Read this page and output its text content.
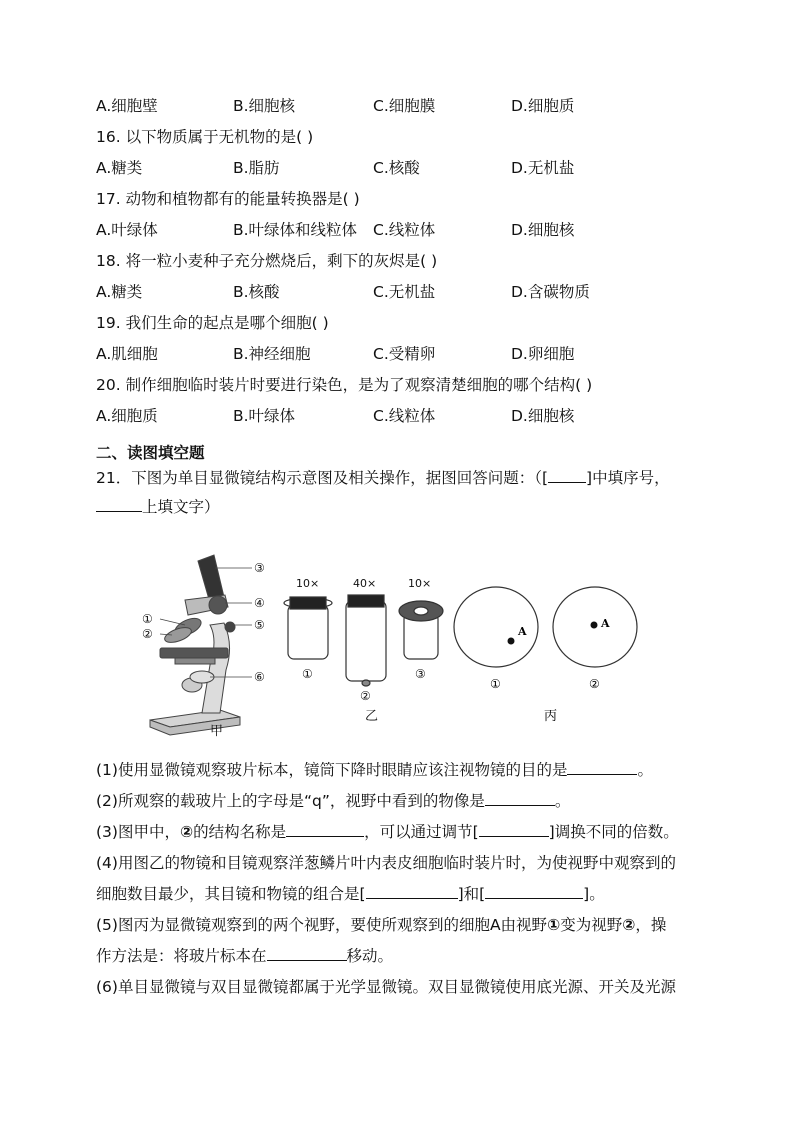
A.细胞壁	B.细胞核	C.细胞膜	D.细胞质
16. 以下物质属于无机物的是( )
A.糖类	B.脂肪	C.核酸	D.无机盐
17. 动物和植物都有的能量转换器是( )
A.叶绿体	B.叶绿体和线粒体 C.线粒体	D.细胞核
18. 将一粒小麦种子充分燃烧后，剩下的灰烬是( )
A.糖类	B.核酸	C.无机盐	D.含碳物质
19. 我们生命的起点是哪个细胞( )
A.肌细胞	B.神经细胞	C.受精卵	D.卵细胞
20. 制作细胞临时装片时要进行染色，是为了观察清楚细胞的哪个结构( )
A.细胞质	B.叶绿体	C.线粒体	D.细胞核
二、读图填空题
21．下图为单目显微镜结构示意图及相关操作，据图回答问题：（[ ]中填序号，
上填文字）
③
④
⑤
①
②
⑥
甲
10×	40×	10×
①
②
③
乙
A
①
A
②
丙
(1)使用显微镜观察玻片标本，镜筒下降时眼睛应该注视物镜的目的是	。
(2)所观察的载玻片上的字母是“q”，视野中看到的物像是	。
(3)图甲中，②的结构名称是	，可以通过调节[	]调换不同的倍数。
(4)用图乙的物镜和目镜观察洋葱鳞片叶内表皮细胞临时装片时，为使视野中观察到的
细胞数目最少，其目镜和物镜的组合是[	]和[	]。
(5)图丙为显微镜观察到的两个视野，要使所观察到的细胞A由视野①变为视野②，操
作方法是：将玻片标本在	移动。
(6)单目显微镜与双目显微镜都属于光学显微镜。双目显微镜使用底光源、开关及光源
